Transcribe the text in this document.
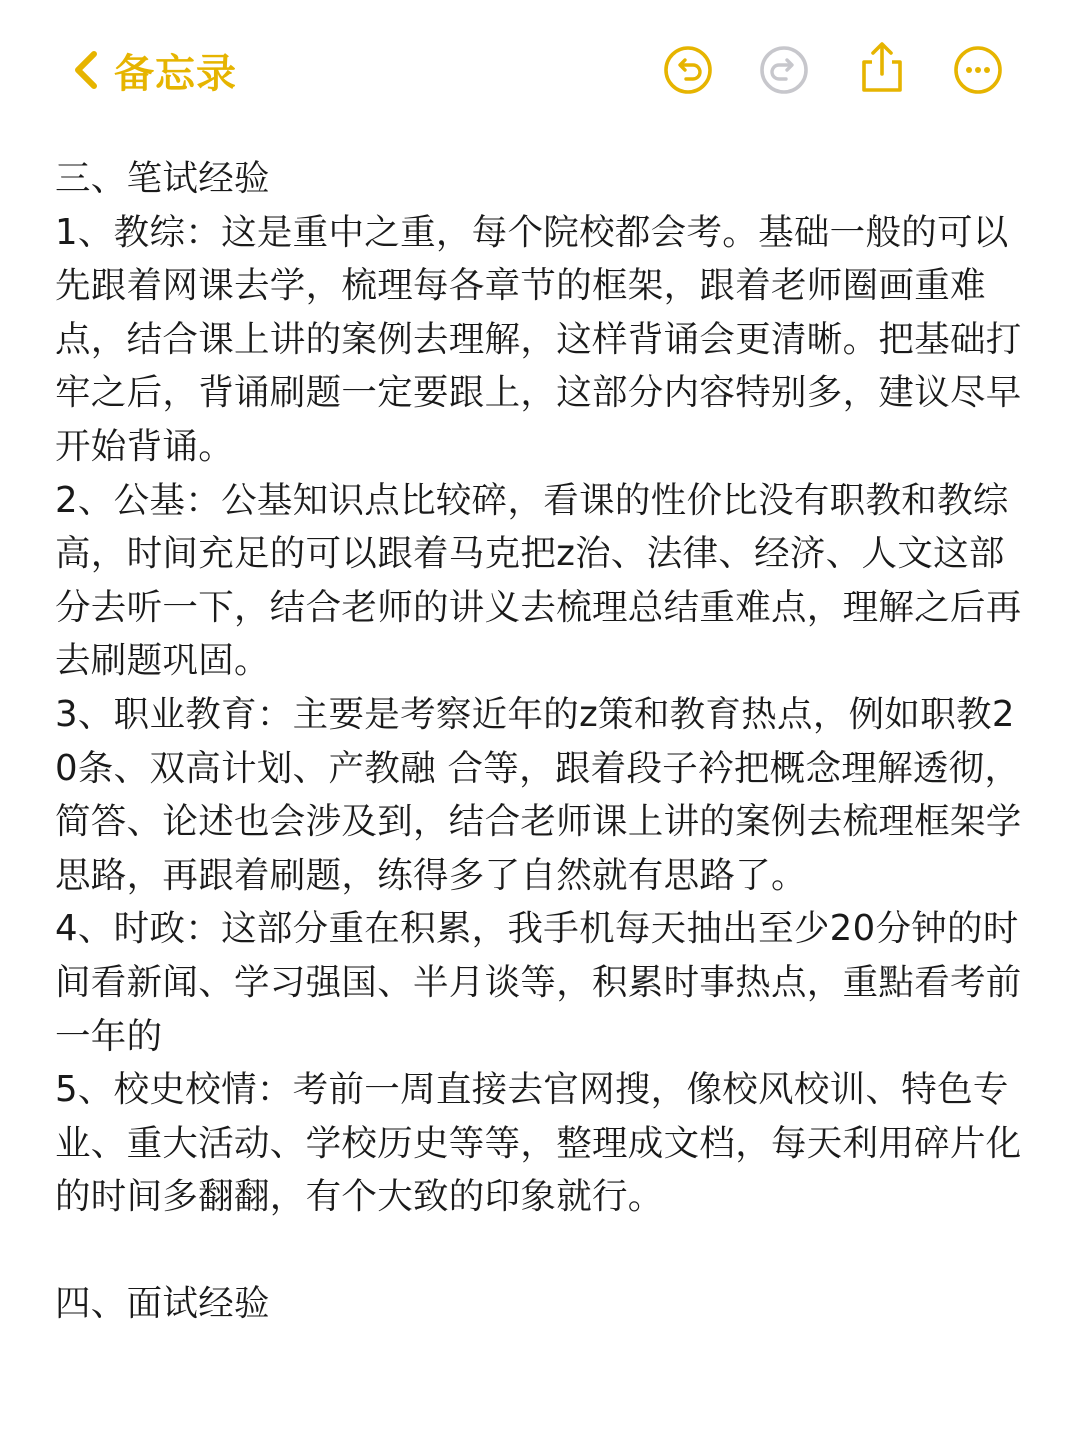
备忘录

三、笔试经验

1、教综：这是重中之重，每个院校都会考。基础一般的可以先跟着网课去学，梳理每各章节的框架，跟着老师圈画重难点，结合课上讲的案例去理解，这样背诵会更清晰。把基础打牢之后，背诵刷题一定要跟上，这部分内容特别多，建议尽早开始背诵。

2、公基：公基知识点比较碎，看课的性价比没有职教和教综高，时间充足的可以跟着马克把z治、法律、经济、人文这部分去听一下，结合老师的讲义去梳理总结重难点，理解之后再去刷题巩固。

3、职业教育：主要是考察近年的z策和教育热点，例如职教20条、双高计划、产教融 合等，跟着段子衿把概念理解透彻，简答、论述也会涉及到，结合老师课上讲的案例去梳理框架学思路，再跟着刷题，练得多了自然就有思路了。

4、时政：这部分重在积累，我手机每天抽出至少20分钟的时间看新闻、学习强国、半月谈等，积累时事热点，重點看考前一年的

5、校史校情：考前一周直接去官网搜，像校风校训、特色专业、重大活动、学校历史等等，整理成文档，每天利用碎片化的时间多翻翻，有个大致的印象就行。

四、面试经验
